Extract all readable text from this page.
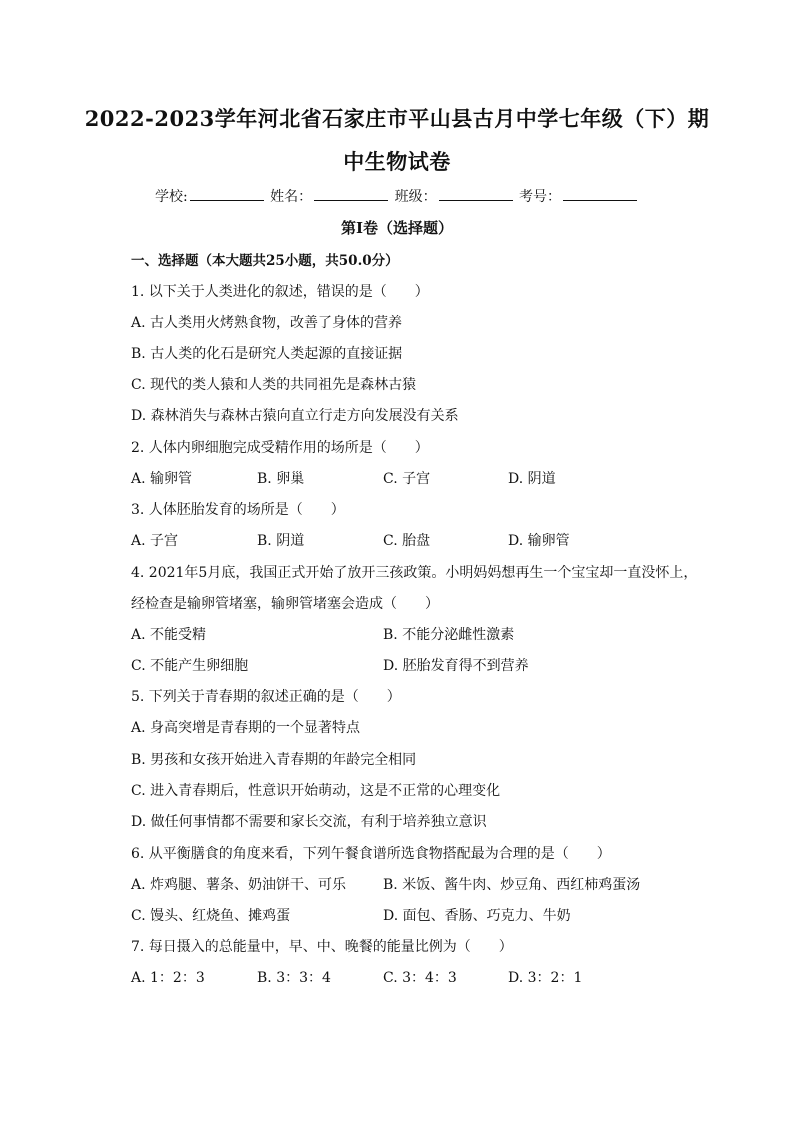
2022-2023学年河北省石家庄市平山县古月中学七年级（下）期
中生物试卷
学校:	姓名：	班级：	考号：
第I卷（选择题）
一、选择题（本大题共25小题，共50.0分）
1. 以下关于人类进化的叙述，错误的是（　　）
A. 古人类用火烤熟食物，改善了身体的营养
B. 古人类的化石是研究人类起源的直接证据
C. 现代的类人猿和人类的共同祖先是森林古猿
D. 森林消失与森林古猿向直立行走方向发展没有关系
2. 人体内卵细胞完成受精作用的场所是（　　）
A. 输卵管	B. 卵巢	C. 子宫	D. 阴道
3. 人体胚胎发育的场所是（　　）
A. 子宫	B. 阴道	C. 胎盘	D. 输卵管
4. 2021年5月底，我国正式开始了放开三孩政策。小明妈妈想再生一个宝宝却一直没怀上，
经检查是输卵管堵塞，输卵管堵塞会造成（　　）
A. 不能受精	B. 不能分泌雌性激素
C. 不能产生卵细胞	D. 胚胎发育得不到营养
5. 下列关于青春期的叙述正确的是（　　）
A. 身高突增是青春期的一个显著特点
B. 男孩和女孩开始进入青春期的年龄完全相同
C. 进入青春期后，性意识开始萌动，这是不正常的心理变化
D. 做任何事情都不需要和家长交流，有利于培养独立意识
6. 从平衡膳食的角度来看，下列午餐食谱所选食物搭配最为合理的是（　　）
A. 炸鸡腿、薯条、奶油饼干、可乐	B. 米饭、酱牛肉、炒豆角、西红柿鸡蛋汤
C. 馒头、红烧鱼、摊鸡蛋	D. 面包、香肠、巧克力、牛奶
7. 每日摄入的总能量中，早、中、晚餐的能量比例为（　　）
A. 1：2：3	B. 3：3：4	C. 3：4：3	D. 3：2：1
